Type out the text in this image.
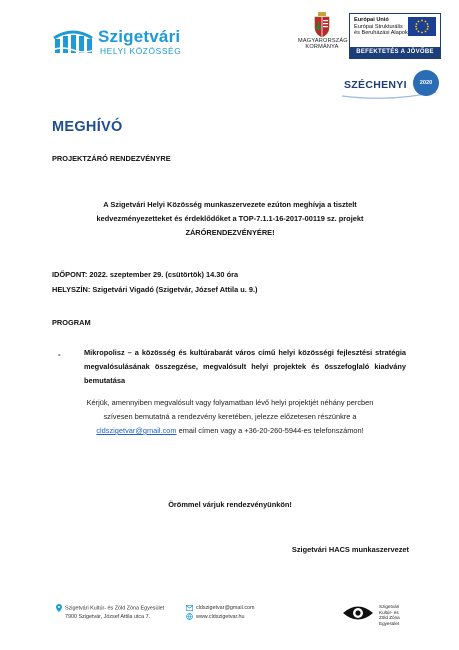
Szigetvári
HELYI KÖZÖSSÉG
MAGYARORSZÁG
KORMÁNYA
Európai Unió
Európai Strukturális
és Beruházási Alapok
BEFEKTETÉS A JÖVŐBE
SZÉCHENYI	2020
MEGHÍVÓ
PROJEKTZÁRÓ RENDEZVÉNYRE
A Szigetvári Helyi Közösség munkaszervezete ezúton meghívja a tisztelt
kedvezményezetteket és érdeklődőket a TOP-7.1.1-16-2017-00119 sz. projekt
ZÁRÓRENDEZVÉNYÉRE!
IDŐPONT: 2022. szeptember 29. (csütörtök) 14.30 óra
HELYSZÍN: Szigetvári Vigadó (Szigetvár, József Attila u. 9.)
PROGRAM
-	Mikropolisz – a közösség és kultúrabarát város című helyi közösségi fejlesztési stratégia megvalósulásának összegzése, megvalósult helyi projektek és összefoglaló kiadvány bemutatása
Kérjük, amennyiben megvalósult vagy folyamatban lévő helyi projektjét néhány percben
szívesen bemutatná a rendezvény keretében, jelezze előzetesen részünkre a
cldszigetvar@gmail.com email címen vagy a +36-20-260-5944-es telefonszámon!
Örömmel várjuk rendezvényünkön!
Szigetvári HACS munkaszervezet
Szigetvári Kultúr- és Zöld Zóna Egyesület
7900 Szigetvár, József Attila utca 7.
cldszigetvar@gmail.com
www.cldszigetvar.hu
Szigetvári
Kultúr- és
Zöld Zóna
Egyesület
